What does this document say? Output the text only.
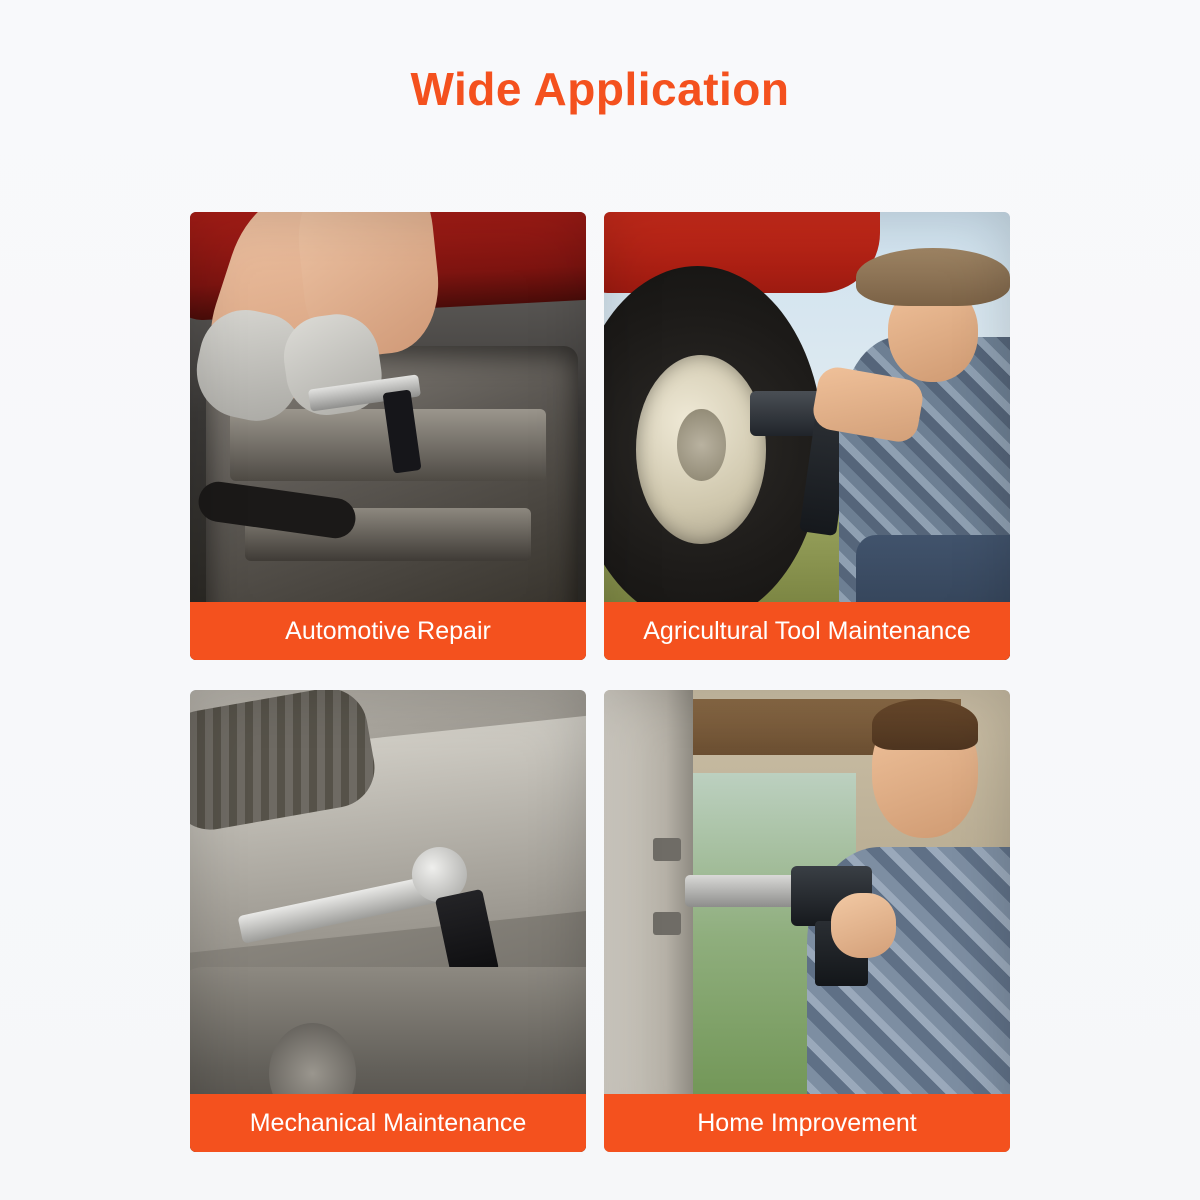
Wide Application
Automotive Repair	Agricultural Tool Maintenance
Mechanical Maintenance	Home Improvement
